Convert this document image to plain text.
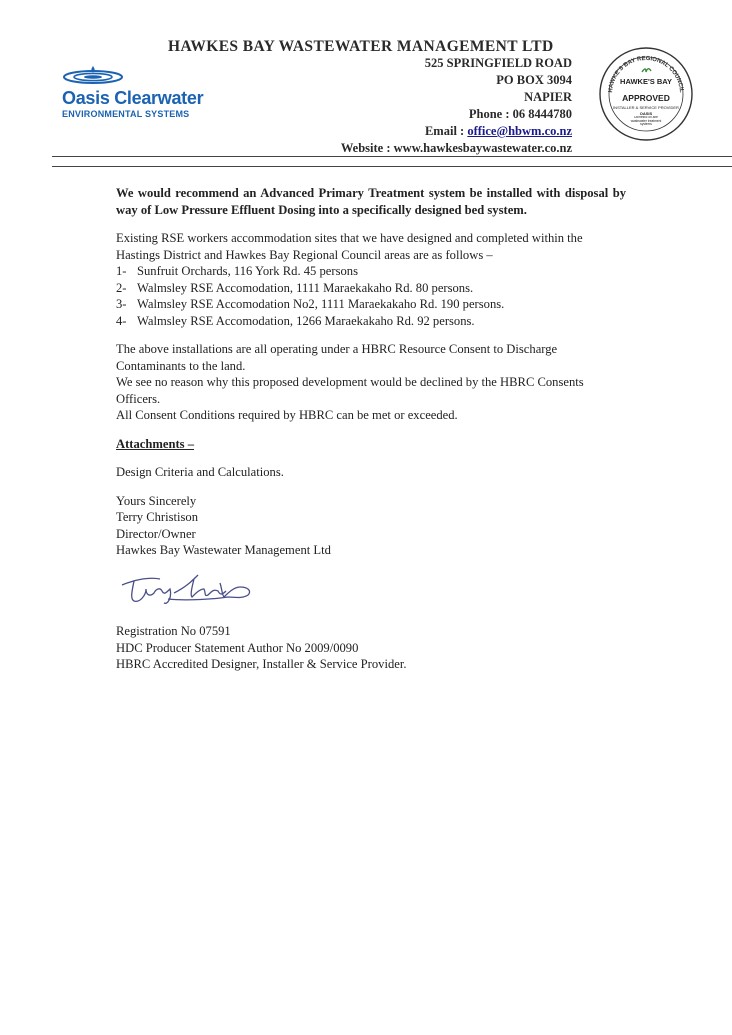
HAWKES BAY WASTEWATER MANAGEMENT LTD
525 SPRINGFIELD ROAD
PO BOX 3094
NAPIER
Phone : 06 8444780
Email : office@hbwm.co.nz
Website : www.hawkesbaywastewater.co.nz
Oasis Clearwater
ENVIRONMENTAL SYSTEMS
HAWKE'S BAY REGIONAL COUNCIL
HAWKE'S BAY
APPROVED
INSTALLER & SERVICE PROVIDER
OASIS
Domestic on-site wastewater treatment systems

We would recommend an Advanced Primary Treatment system be installed with disposal by way of Low Pressure Effluent Dosing into a specifically designed bed system.

Existing RSE workers accommodation sites that we have designed and completed within the Hastings District and Hawkes Bay Regional Council areas are as follows –

1- Sunfruit Orchards, 116 York Rd. 45 persons
2- Walmsley RSE Accomodation, 1111 Maraekakaho Rd. 80 persons.
3- Walmsley RSE Accomodation No2, 1111 Maraekakaho Rd. 190 persons.
4- Walmsley RSE Accomodation, 1266 Maraekakaho Rd. 92 persons.

The above installations are all operating under a HBRC Resource Consent to Discharge Contaminants to the land.

We see no reason why this proposed development would be declined by the HBRC Consents Officers.

All Consent Conditions required by HBRC can be met or exceeded.

Attachments –

Design Criteria and Calculations.

Yours Sincerely

Terry Christison

Director/Owner

Hawkes Bay Wastewater Management Ltd

Registration No 07591

HDC Producer Statement Author No 2009/0090

HBRC Accredited Designer, Installer & Service Provider.
